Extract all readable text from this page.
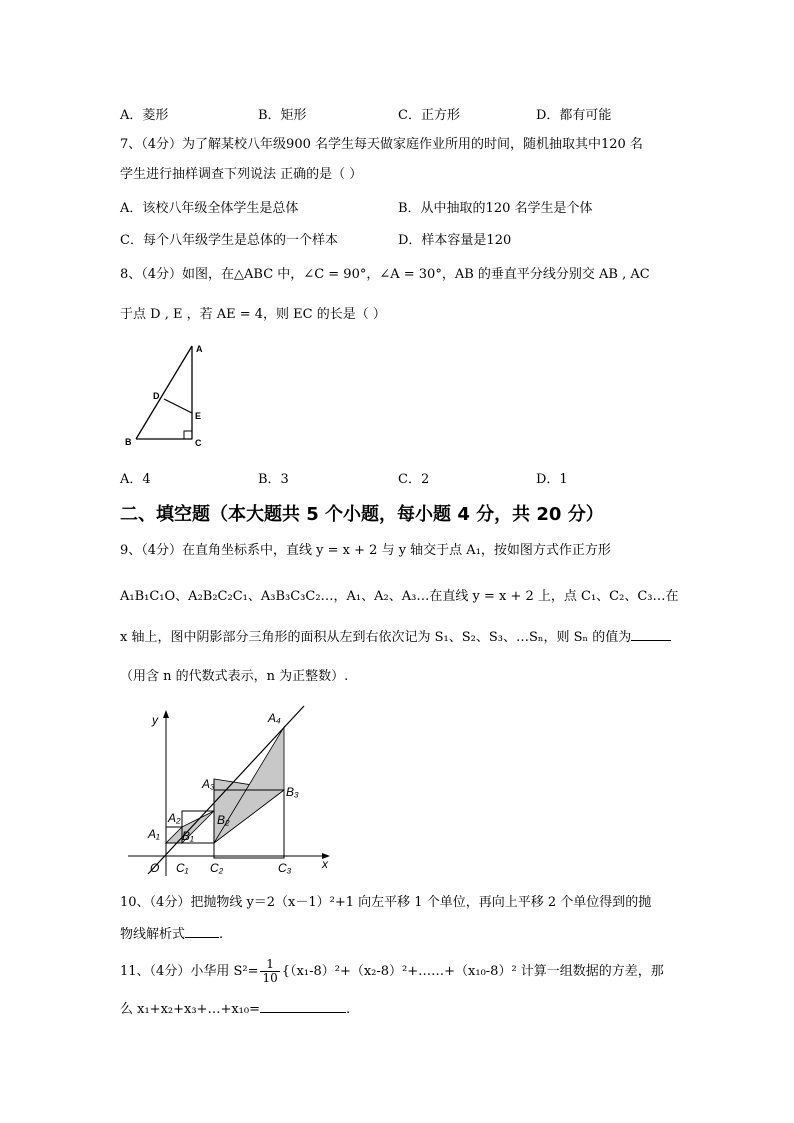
A．菱形	B．矩形	C．正方形	D．都有可能
7、（4分）为了解某校八年级900 名学生每天做家庭作业所用的时间，随机抽取其中120 名
学生进行抽样调查下列说法 正确的是（ ）
A．该校八年级全体学生是总体	B．从中抽取的120 名学生是个体
C．每个八年级学生是总体的一个样本	D．样本容量是120
8、（4分）如图，在△ABC 中，∠C = 90°，∠A = 30°，AB 的垂直平分线分别交 AB , AC
于点 D , E ，若 AE = 4，则 EC 的长是（ ）
A
B	C
D
E
A．4	B．3	C．2	D．1
二、填空题（本大题共 5 个小题，每小题 4 分，共 20 分）
9、（4分）在直角坐标系中，直线 y = x + 2 与 y 轴交于点 A₁，按如图方式作正方形
A₁B₁C₁O、A₂B₂C₂C₁、A₃B₃C₃C₂…，A₁、A₂、A₃…在直线 y = x + 2 上，点 C₁、C₂、C₃…在
x 轴上，图中阴影部分三角形的面积从左到右依次记为 S₁、S₂、S₃、…Sₙ，则 Sₙ 的值为
（用含 n 的代数式表示，n 为正整数）.
y
x
O
A₁
A₂
A₃
A₄
B₁
B₂
B₃
C₁ C₂	C₃
10、（4分）把抛物线 y＝2（x－1）²+1 向左平移 1 个单位，再向上平移 2 个单位得到的抛
物线解析式	.
11、（4分）小华用 $S^2= \frac{1}{10}$ {（x₁-8）²+（x₂-8）²+……+（x₁₀-8）² 计算一组数据的方差，那
么 x₁+x₂+x₃+…+x₁₀=	.
